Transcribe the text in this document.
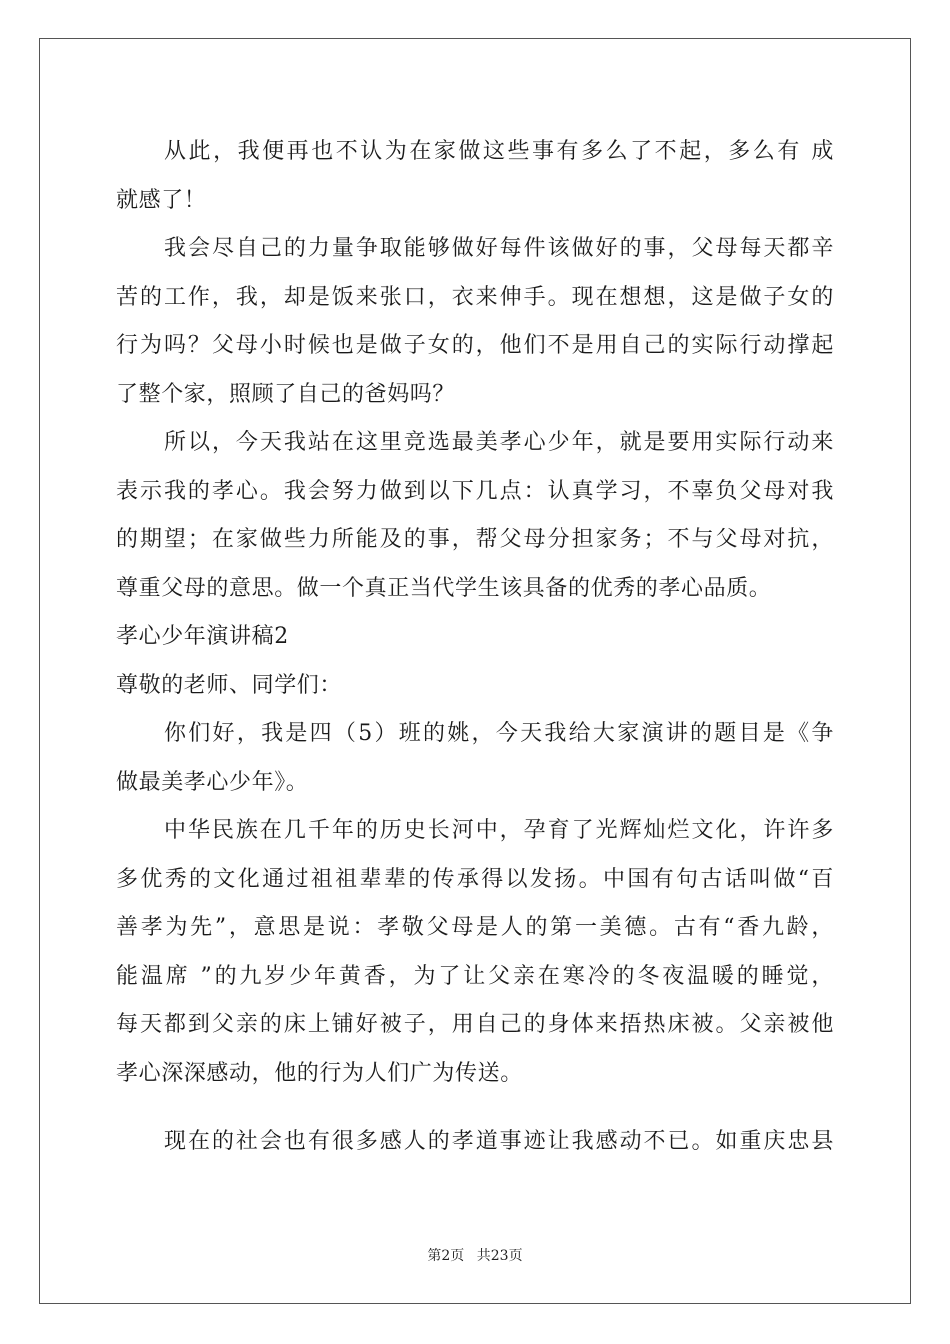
从此，我便再也不认为在家做这些事有多么了不起，多么有 成
就感了！
我会尽自己的力量争取能够做好每件该做好的事，父母每天都辛
苦的工作，我，却是饭来张口，衣来伸手。现在想想，这是做子女的
行为吗？父母小时候也是做子女的，他们不是用自己的实际行动撑起
了整个家，照顾了自己的爸妈吗？
所以，今天我站在这里竞选最美孝心少年，就是要用实际行动来
表示我的孝心。我会努力做到以下几点：认真学习，不辜负父母对我
的期望；在家做些力所能及的事，帮父母分担家务；不与父母对抗，
尊重父母的意思。做一个真正当代学生该具备的优秀的孝心品质。
孝心少年演讲稿2
尊敬的老师、同学们：
你们好，我是四（5）班的姚，今天我给大家演讲的题目是《争
做最美孝心少年》。
中华民族在几千年的历史长河中，孕育了光辉灿烂文化，许许多
多优秀的文化通过祖祖辈辈的传承得以发扬。中国有句古话叫做“百
善孝为先”，意思是说：孝敬父母是人的第一美德。古有“香九龄，
能温席 ”的九岁少年黄香，为了让父亲在寒冷的冬夜温暖的睡觉，
每天都到父亲的床上铺好被子，用自己的身体来捂热床被。父亲被他
孝心深深感动，他的行为人们广为传送。
现在的社会也有很多感人的孝道事迹让我感动不已。如重庆忠县
第2页 共23页
